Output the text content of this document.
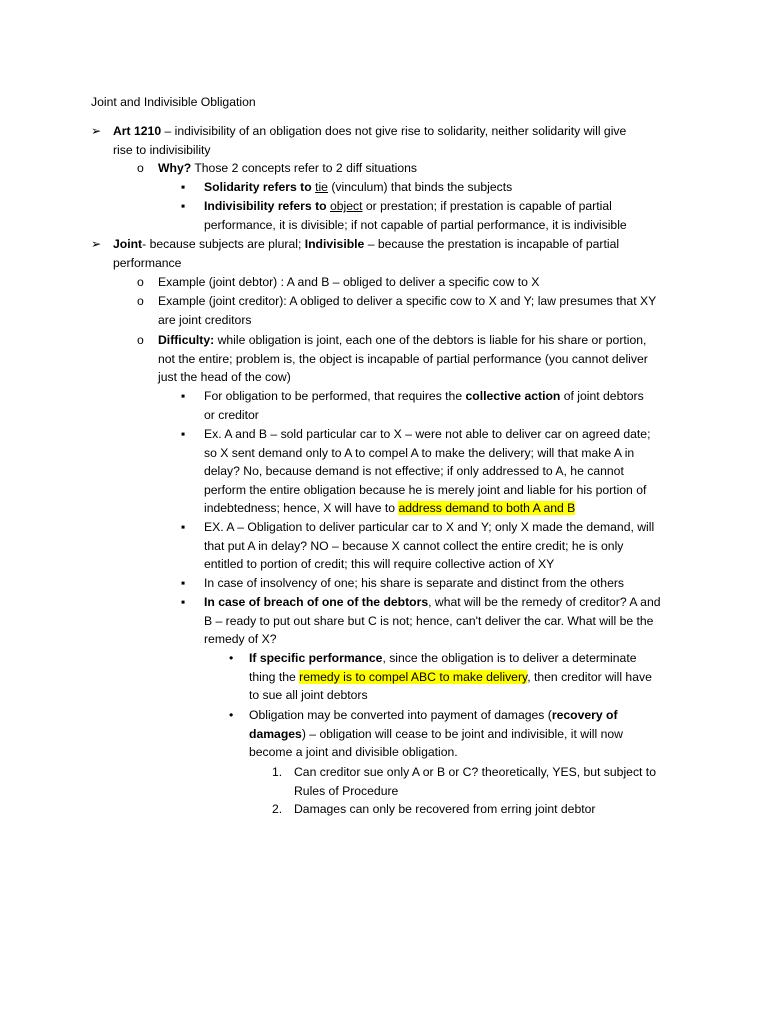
Joint and Indivisible Obligation
➢ Art 1210 – indivisibility of an obligation does not give rise to solidarity, neither solidarity will give
rise to indivisibility
o Why? Those 2 concepts refer to 2 diff situations
▪ Solidarity refers to tie (vinculum) that binds the subjects
▪ Indivisibility refers to object or prestation; if prestation is capable of partial
performance, it is divisible; if not capable of partial performance, it is indivisible
➢ Joint- because subjects are plural; Indivisible – because the prestation is incapable of partial
performance
o Example (joint debtor) : A and B – obliged to deliver a specific cow to X
o Example (joint creditor): A obliged to deliver a specific cow to X and Y; law presumes that XY
are joint creditors
o Difficulty: while obligation is joint, each one of the debtors is liable for his share or portion,
not the entire; problem is, the object is incapable of partial performance (you cannot deliver
just the head of the cow)
▪ For obligation to be performed, that requires the collective action of joint debtors
or creditor
▪ Ex. A and B – sold particular car to X – were not able to deliver car on agreed date;
so X sent demand only to A to compel A to make the delivery; will that make A in
delay? No, because demand is not effective; if only addressed to A, he cannot
perform the entire obligation because he is merely joint and liable for his portion of
indebtedness; hence, X will have to address demand to both A and B
▪ EX. A – Obligation to deliver particular car to X and Y; only X made the demand, will
that put A in delay? NO – because X cannot collect the entire credit; he is only
entitled to portion of credit; this will require collective action of XY
▪ In case of insolvency of one; his share is separate and distinct from the others
▪ In case of breach of one of the debtors, what will be the remedy of creditor? A and
B – ready to put out share but C is not; hence, can't deliver the car. What will be the
remedy of X?
• If specific performance, since the obligation is to deliver a determinate
thing the remedy is to compel ABC to make delivery, then creditor will have
to sue all joint debtors
• Obligation may be converted into payment of damages (recovery of
damages) – obligation will cease to be joint and indivisible, it will now
become a joint and divisible obligation.
1. Can creditor sue only A or B or C? theoretically, YES, but subject to
Rules of Procedure
2. Damages can only be recovered from erring joint debtor
